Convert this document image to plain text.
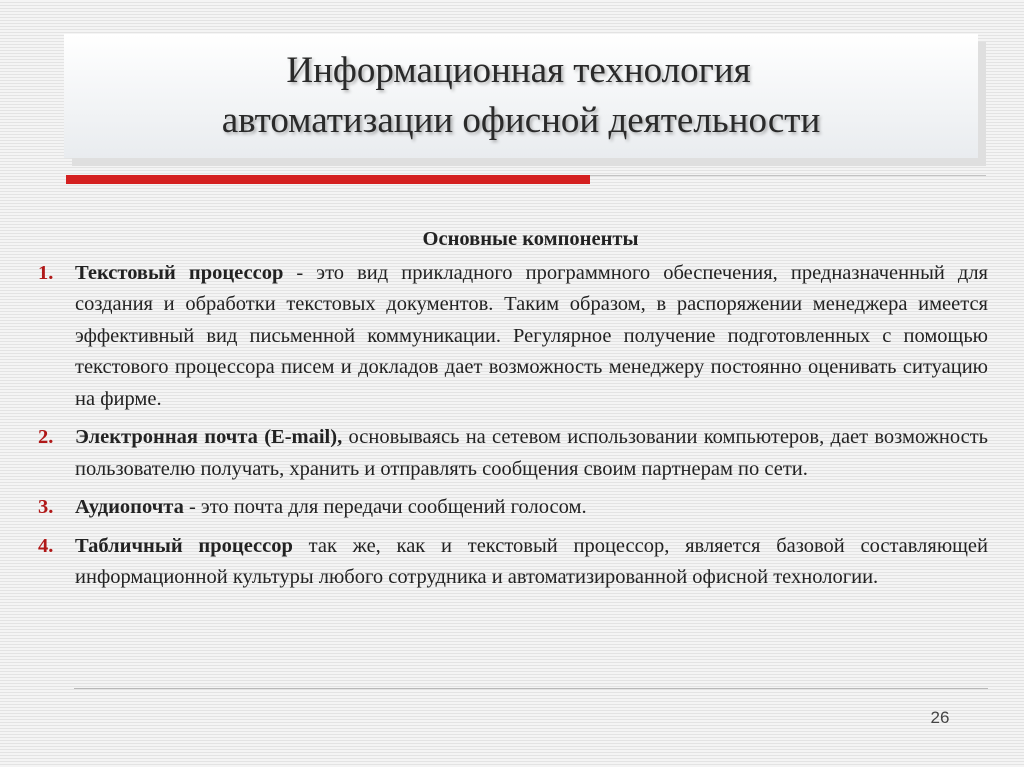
Информационная технология
автоматизации офисной деятельности
Основные компоненты
1. Текстовый процессор - это вид прикладного программного обеспечения, предназначенный для создания и обработки текстовых документов. Таким образом, в распоряжении менеджера имеется эффективный вид письменной коммуникации. Регулярное получение подготовленных с помощью текстового процессора писем и докладов дает возможность менеджеру постоянно оценивать ситуацию на фирме.
2. Электронная почта (E-mail), основываясь на сетевом использовании компьютеров, дает возможность пользователю получать, хранить и отправлять сообщения своим партнерам по сети.
3. Аудиопочта - это почта для передачи сообщений голосом.
4. Табличный процессор так же, как и текстовый процессор, является базовой составляющей информационной культуры любого сотрудника и автоматизированной офисной технологии.
26
